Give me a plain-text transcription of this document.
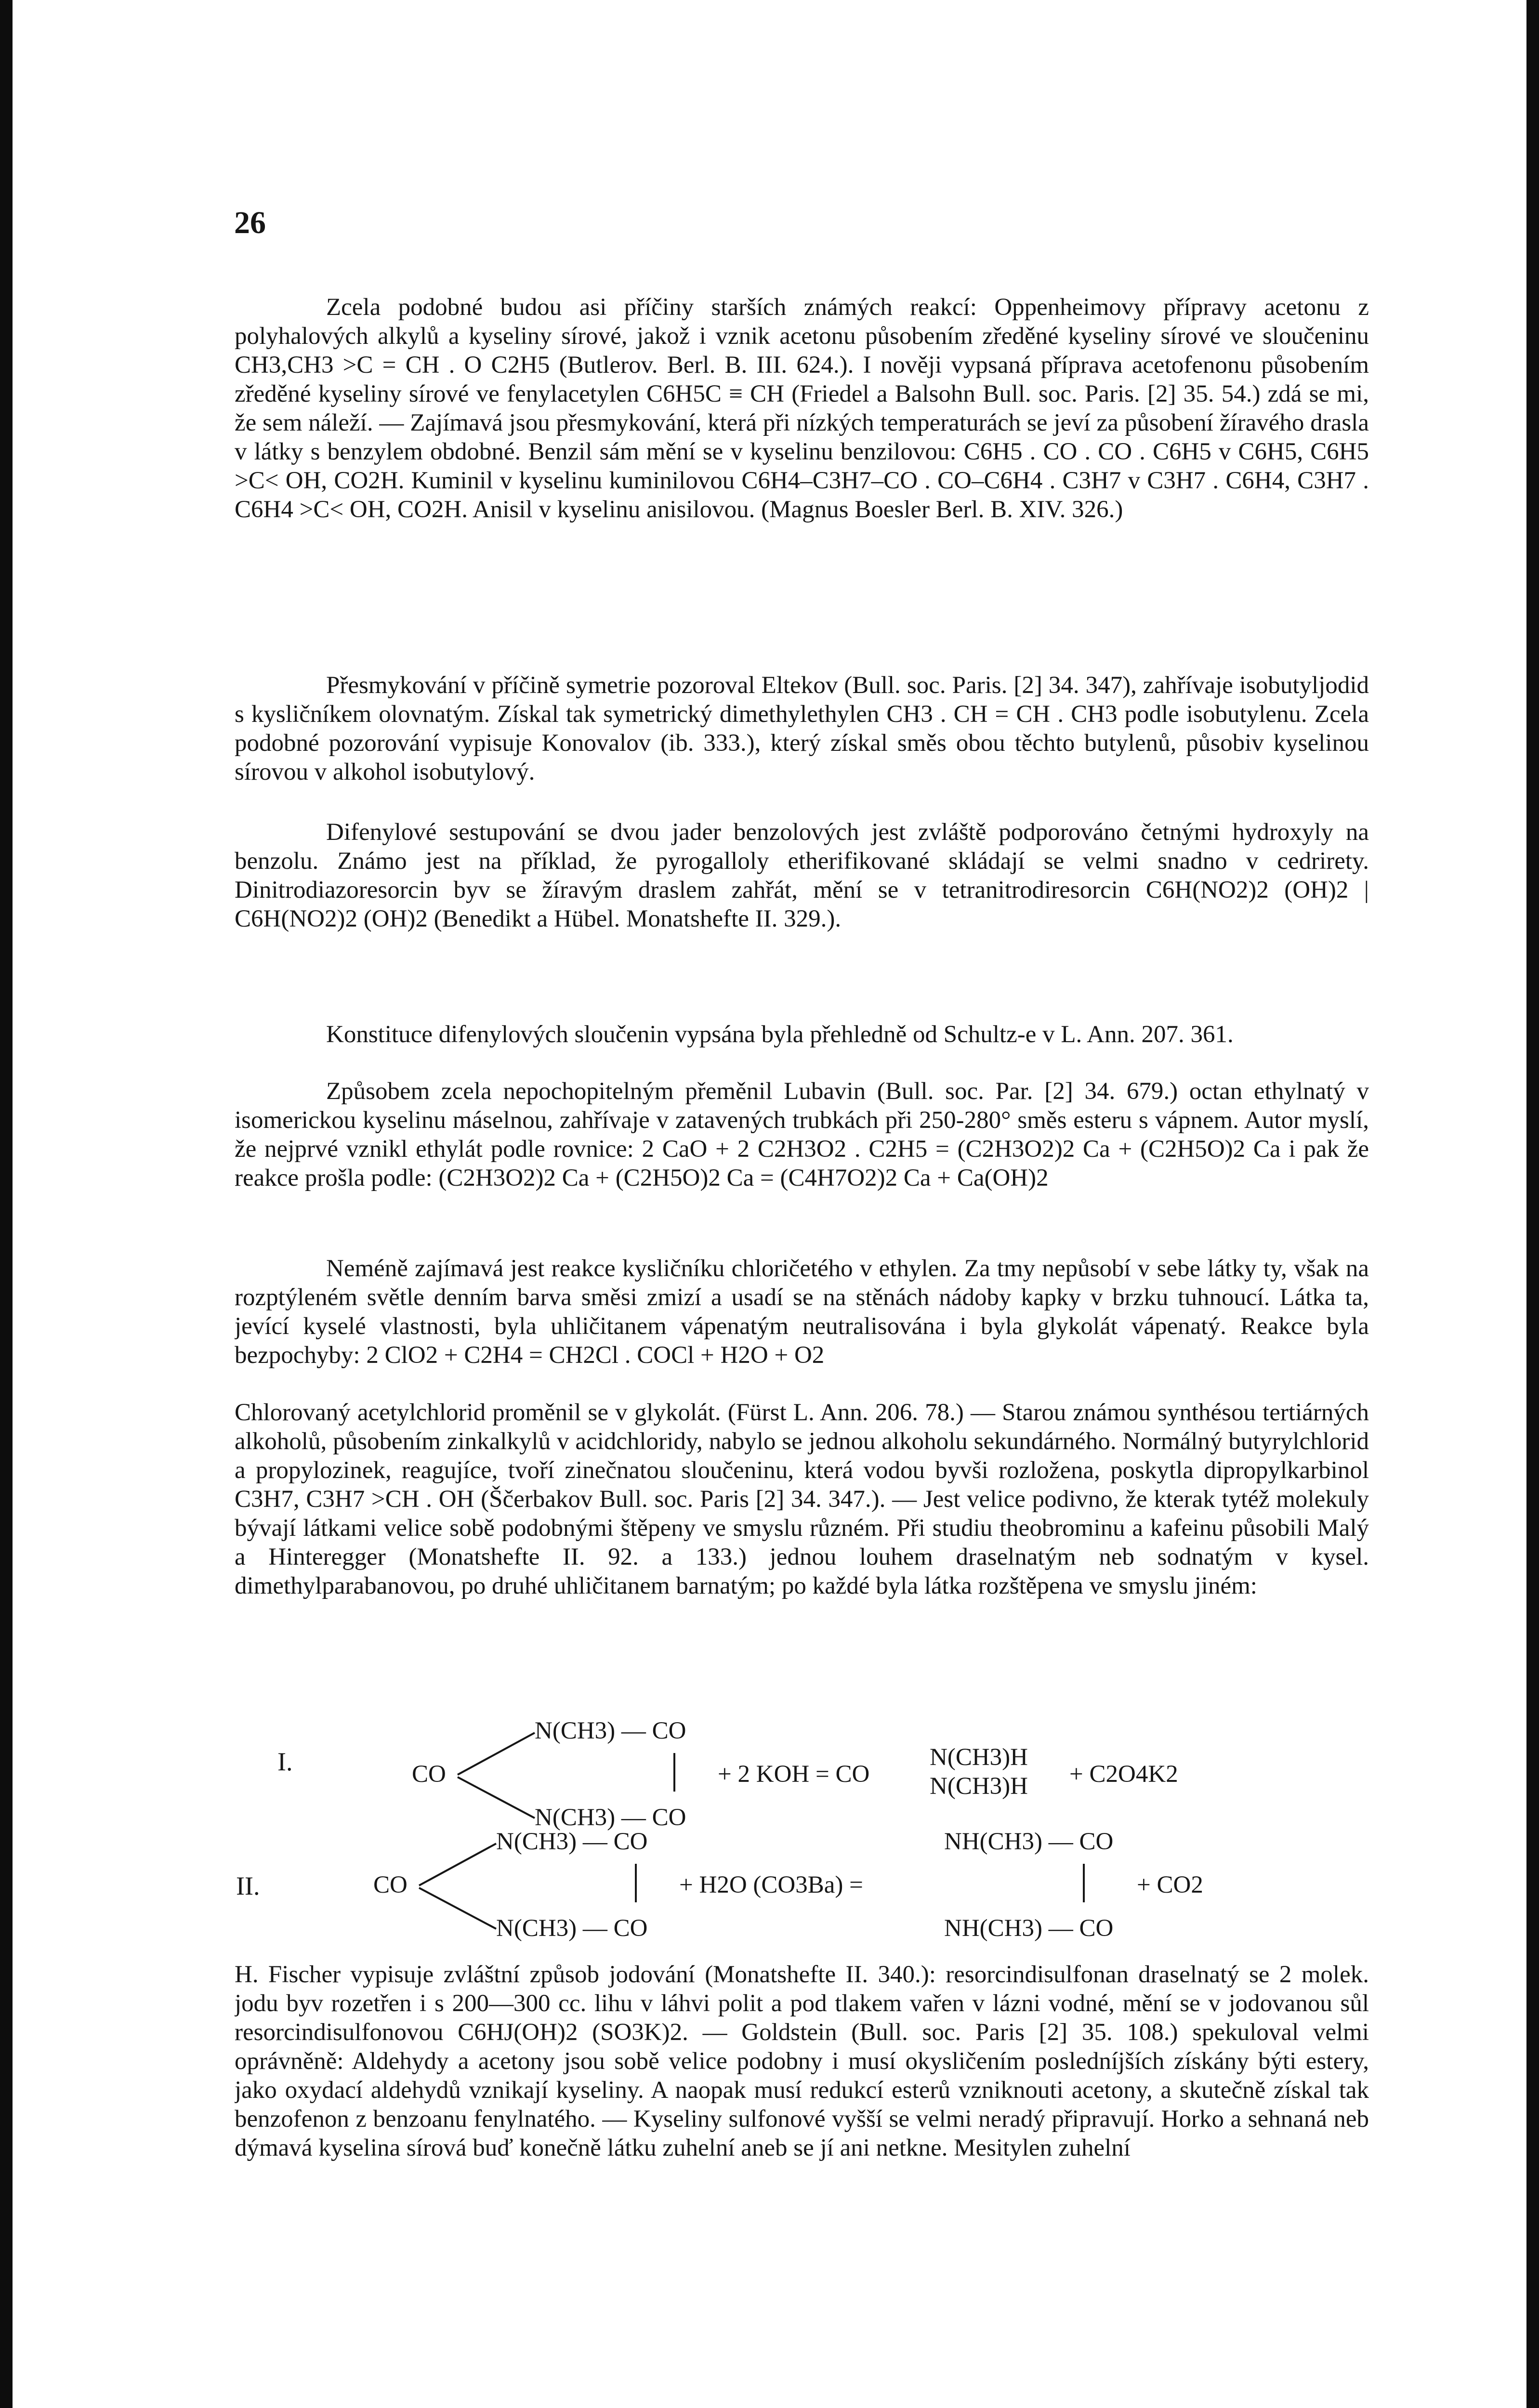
26
Zcela podobné budou asi příčiny starších známých reakcí: Oppenheimovy přípravy acetonu z polyhalových alkylů a kyseliny sírové, jakož i vznik acetonu působením zředěné kyseliny sírové ve sloučeninu CH3,CH3 >C = CH . O C2H5 (Butlerov. Berl. B. III. 624.). I nověji vypsaná příprava acetofenonu působením zředěné kyseliny sírové ve fenylacetylen C6H5C ≡ CH (Friedel a Balsohn Bull. soc. Paris. [2] 35. 54.) zdá se mi, že sem náleží. — Zajímavá jsou přesmykování, která při nízkých temperaturách se jeví za působení žíravého drasla v látky s benzylem obdobné. Benzil sám mění se v kyselinu benzilovou: C6H5 . CO . CO . C6H5 v C6H5, C6H5 >C< OH, CO2H. Kuminil v kyselinu kuminilovou C6H4–C3H7–CO . CO–C6H4 . C3H7 v C3H7 . C6H4, C3H7 . C6H4 >C< OH, CO2H. Anisil v kyselinu anisilovou. (Magnus Boesler Berl. B. XIV. 326.)
Přesmykování v příčině symetrie pozoroval Eltekov (Bull. soc. Paris. [2] 34. 347), zahřívaje isobutyljodid s kysličníkem olovnatým. Získal tak symetrický dimethylethylen CH3 . CH = CH . CH3 podle isobutylenu. Zcela podobné pozorování vypisuje Konovalov (ib. 333.), který získal směs obou těchto butylenů, působiv kyselinou sírovou v alkohol isobutylový.
Difenylové sestupování se dvou jader benzolových jest zvláště podporováno četnými hydroxyly na benzolu. Známo jest na příklad, že pyrogalloly etherifikované skládají se velmi snadno v cedrirety. Dinitrodiazoresorcin byv se žíravým draslem zahřát, mění se v tetranitrodiresorcin C6H(NO2)2 (OH)2 | C6H(NO2)2 (OH)2 (Benedikt a Hübel. Monatshefte II. 329.).
Konstituce difenylových sloučenin vypsána byla přehledně od Schultz-e v L. Ann. 207. 361.
Způsobem zcela nepochopitelným přeměnil Lubavin (Bull. soc. Par. [2] 34. 679.) octan ethylnatý v isomerickou kyselinu máselnou, zahřívaje v zatavených trubkách při 250-280° směs esteru s vápnem. Autor myslí, že nejprvé vznikl ethylát podle rovnice: 2 CaO + 2 C2H3O2 . C2H5 = (C2H3O2)2 Ca + (C2H5O)2 Ca i pak že reakce prošla podle: (C2H3O2)2 Ca + (C2H5O)2 Ca = (C4H7O2)2 Ca + Ca(OH)2
Neméně zajímavá jest reakce kysličníku chloričetého v ethylen. Za tmy nepůsobí v sebe látky ty, však na rozptýleném světle denním barva směsi zmizí a usadí se na stěnách nádoby kapky v brzku tuhnoucí. Látka ta, jevící kyselé vlastnosti, byla uhličitanem vápenatým neutralisována i byla glykolát vápenatý. Reakce byla bezpochyby: 2 ClO2 + C2H4 = CH2Cl . COCl + H2O + O2
Chlorovaný acetylchlorid proměnil se v glykolát. (Fürst L. Ann. 206. 78.) — Starou známou synthésou tertiárných alkoholů, působením zinkalkylů v acidchloridy, nabylo se jednou alkoholu sekundárného. Normálný butyrylchlorid a propylozinek, reagujíce, tvoří zinečnatou sloučeninu, která vodou byvši rozložena, poskytla dipropylkarbinol C3H7, C3H7 >CH . OH (Ščerbakov Bull. soc. Paris [2] 34. 347.). — Jest velice podivno, že kterak tytéž molekuly bývají látkami velice sobě podobnými štěpeny ve smyslu různém. Při studiu theobrominu a kafeinu působili Malý a Hinteregger (Monatshefte II. 92. a 133.) jednou louhem draselnatým neb sodnatým v kysel. dimethylparabanovou, po druhé uhličitanem barnatým; po každé byla látka rozštěpena ve smyslu jiném:
I.	CO
N(CH3) — CO
N(CH3) — CO
+ 2 KOH = CO
N(CH3)H
N(CH3)H + C2O4K2
II.	CO
N(CH3) — CO
N(CH3) — CO
+ H2O (CO3Ba) =
NH(CH3) — CO
NH(CH3) — CO
+ CO2
H. Fischer vypisuje zvláštní způsob jodování (Monatshefte II. 340.): resorcindisulfonan draselnatý se 2 molek. jodu byv rozetřen i s 200—300 cc. lihu v láhvi polit a pod tlakem vařen v lázni vodné, mění se v jodovanou sůl resorcindisulfonovou C6HJ(OH)2 (SO3K)2. — Goldstein (Bull. soc. Paris [2] 35. 108.) spekuloval velmi oprávněně: Aldehydy a acetony jsou sobě velice podobny i musí okysličením posledníjších získány býti estery, jako oxydací aldehydů vznikají kyseliny. A naopak musí redukcí esterů vzniknouti acetony, a skutečně získal tak benzofenon z benzoanu fenylnatého. — Kyseliny sulfonové vyšší se velmi neradý připravují. Horko a sehnaná neb dýmavá kyselina sírová buď konečně látku zuhelní aneb se jí ani netkne. Mesitylen zuhelní
